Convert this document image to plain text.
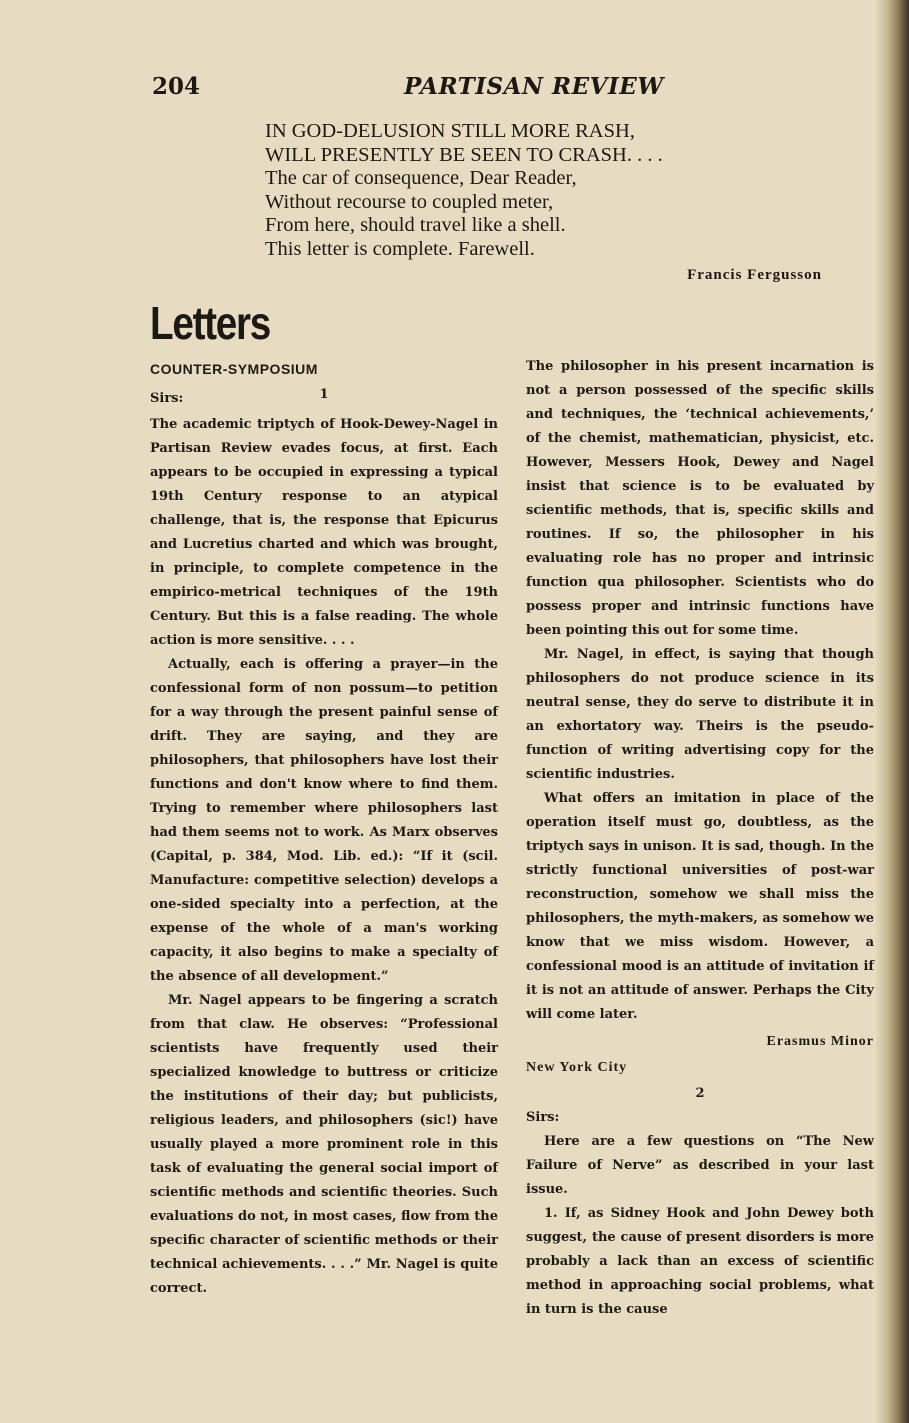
204	PARTISAN REVIEW
IN GOD-DELUSION STILL MORE RASH,
WILL PRESENTLY BE SEEN TO CRASH. . . .
The car of consequence, Dear Reader,
Without recourse to coupled meter,
From here, should travel like a shell.
This letter is complete. Farewell.
Francis Fergusson
Letters
COUNTER-SYMPOSIUM
Sirs:	1

The academic triptych of Hook-Dewey-Nagel in Partisan Review evades focus, at first. Each appears to be occupied in expressing a typical 19th Century response to an atypical challenge, that is, the response that Epicurus and Lucretius charted and which was brought, in principle, to complete competence in the empirico-metrical techniques of the 19th Century. But this is a false reading. The whole action is more sensitive. . . .

Actually, each is offering a prayer—in the confessional form of non possum—to petition for a way through the present painful sense of drift. They are saying, and they are philosophers, that philosophers have lost their functions and don't know where to find them. Trying to remember where philosophers last had them seems not to work. As Marx observes (Capital, p. 384, Mod. Lib. ed.): “If it (scil. Manufacture: competitive selection) develops a one-sided specialty into a perfection, at the expense of the whole of a man's working capacity, it also begins to make a specialty of the absence of all development.”

Mr. Nagel appears to be fingering a scratch from that claw. He observes: “Professional scientists have frequently used their specialized knowledge to buttress or criticize the institutions of their day; but publicists, religious leaders, and philosophers (sic!) have usually played a more prominent role in this task of evaluating the general social import of scientific methods and scientific theories. Such evaluations do not, in most cases, flow from the specific character of scientific methods or their technical achievements. . . .” Mr. Nagel is quite correct.

The philosopher in his present incarnation is not a person possessed of the specific skills and techniques, the ‘technical achievements,’ of the chemist, mathematician, physicist, etc. However, Messers Hook, Dewey and Nagel insist that science is to be evaluated by scientific methods, that is, specific skills and routines. If so, the philosopher in his evaluating role has no proper and intrinsic function qua philosopher. Scientists who do possess proper and intrinsic functions have been pointing this out for some time.

Mr. Nagel, in effect, is saying that though philosophers do not produce science in its neutral sense, they do serve to distribute it in an exhortatory way. Theirs is the pseudo-function of writing advertising copy for the scientific industries.

What offers an imitation in place of the operation itself must go, doubtless, as the triptych says in unison. It is sad, though. In the strictly functional universities of post-war reconstruction, somehow we shall miss the philosophers, the myth-makers, as somehow we know that we miss wisdom. However, a confessional mood is an attitude of invitation if it is not an attitude of answer. Perhaps the City will come later.

Erasmus Minor
New York City
2
Sirs:

Here are a few questions on “The New Failure of Nerve” as described in your last issue.

1. If, as Sidney Hook and John Dewey both suggest, the cause of present disorders is more probably a lack than an excess of scientific method in approaching social problems, what in turn is the cause
